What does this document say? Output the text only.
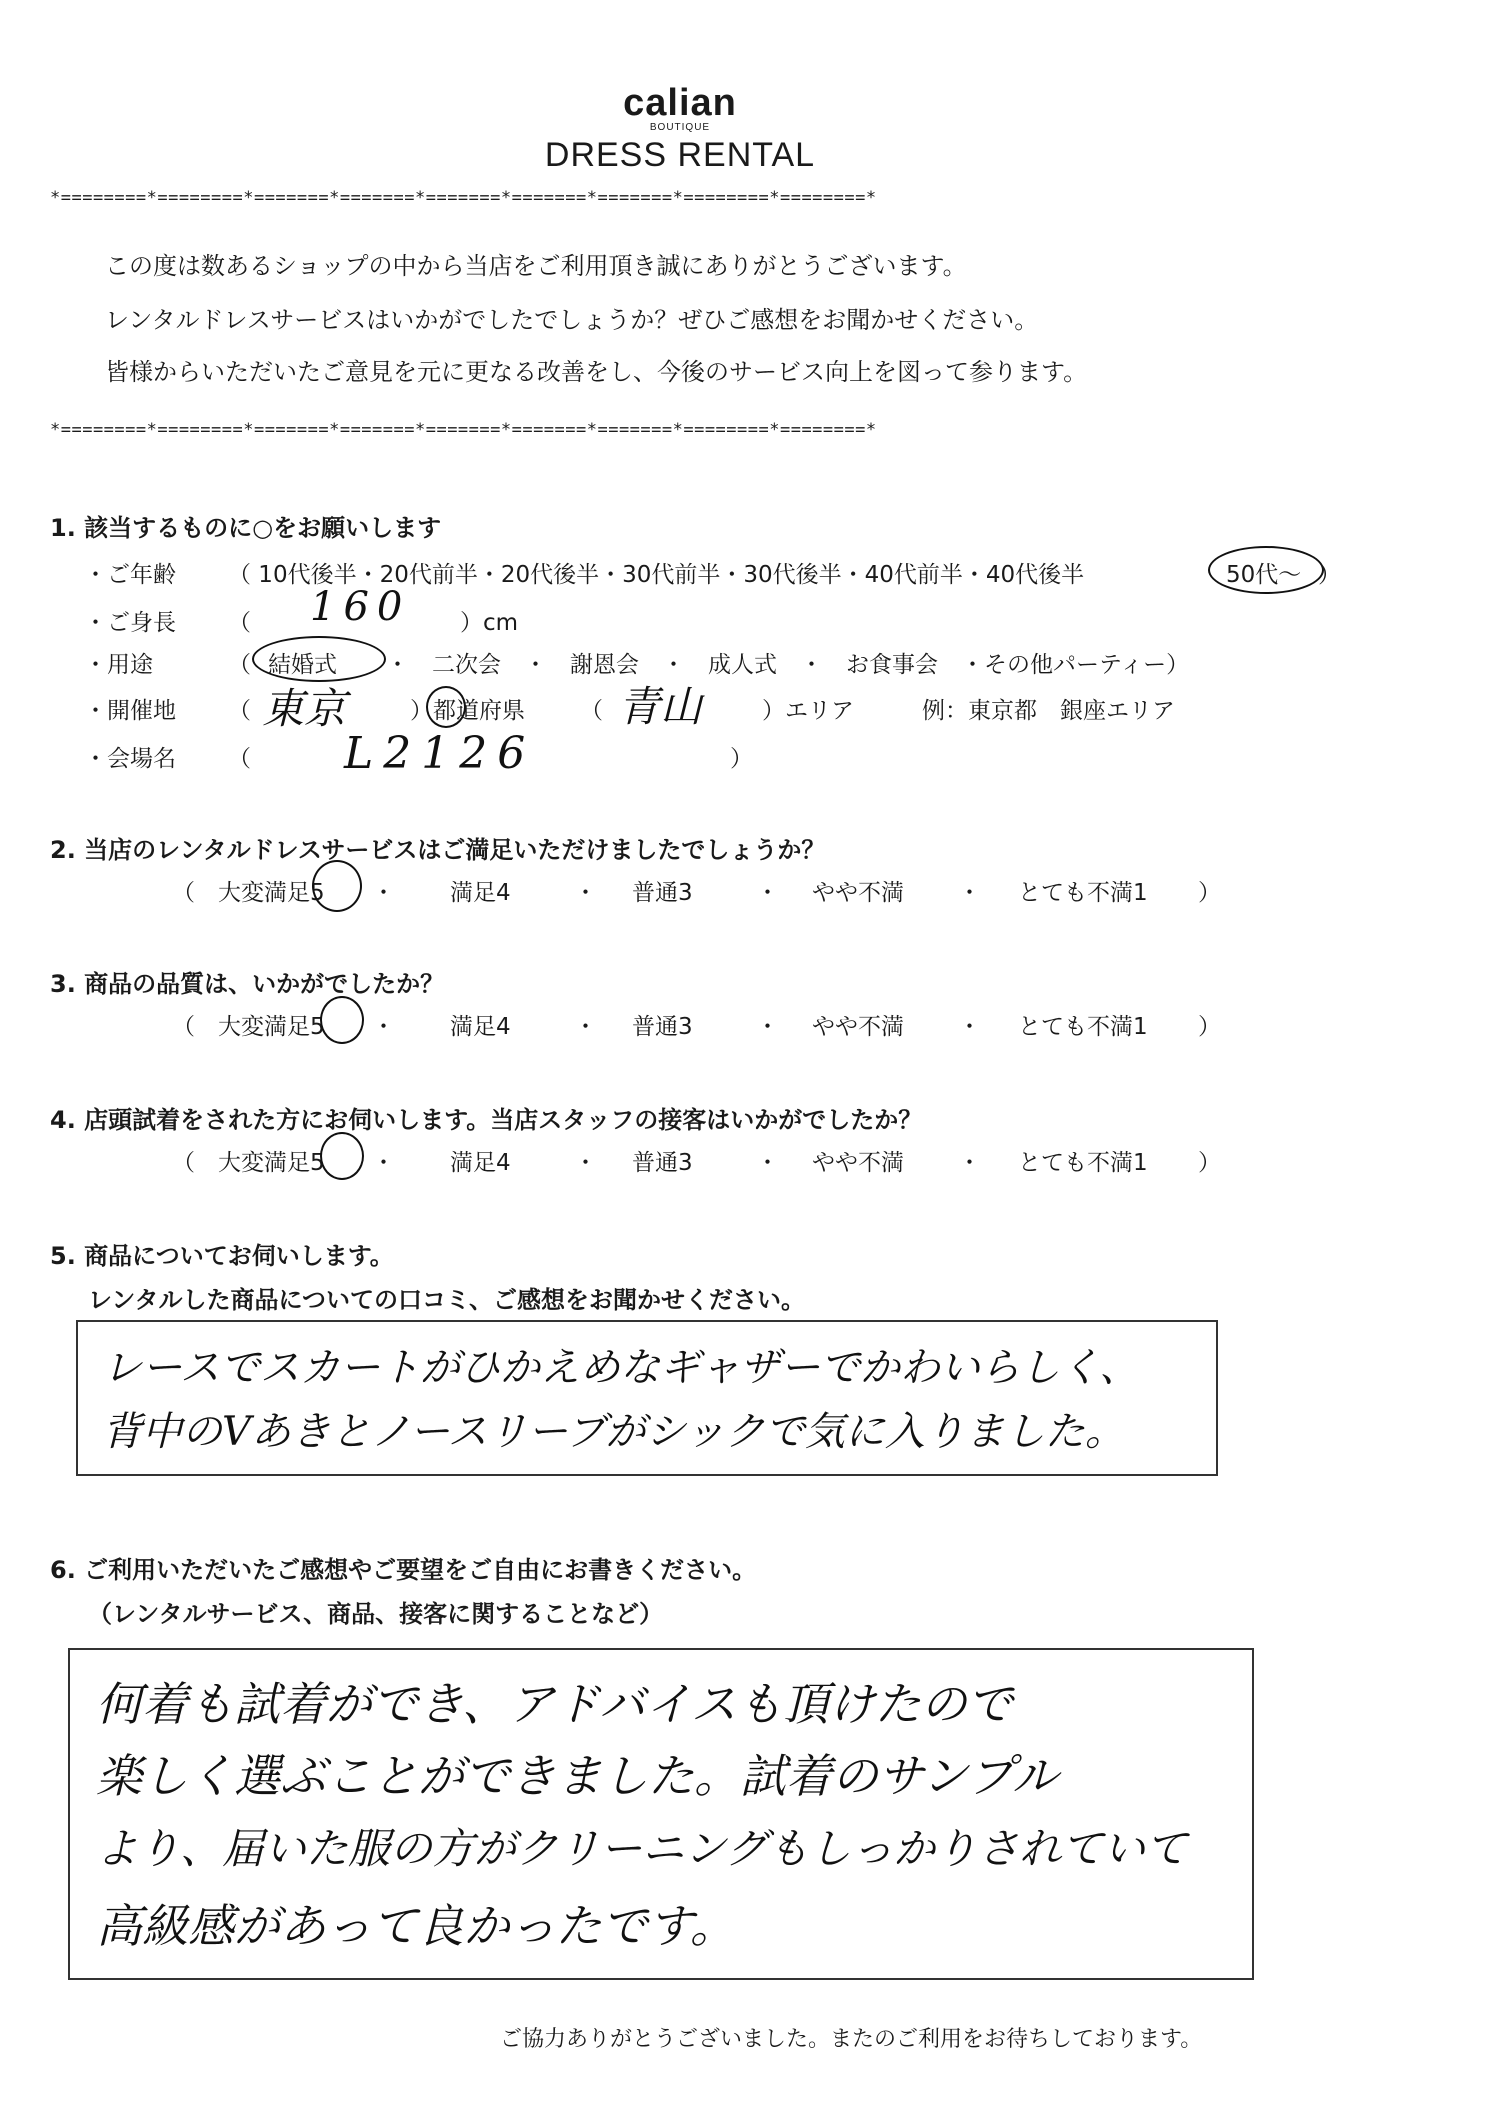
calian
BOUTIQUE
DRESS RENTAL
*========*========*=======*=======*=======*=======*=======*========*========*
この度は数あるショップの中から当店をご利用頂き誠にありがとうございます。
レンタルドレスサービスはいかがでしたでしょうか？ぜひご感想をお聞かせください。
皆様からいただいたご意見を元に更なる改善をし、今後のサービス向上を図って参ります。
*========*========*=======*=======*=======*=======*=======*========*========*
1. 該当するものに○をお願いします
・ご年齢 （ 10代後半・20代前半・20代後半・30代前半・30代後半・40代前半・40代後半	50代～ ）
・ご身長 （ 160 ）cm
・用途	（ 結婚式 ・　二次会　・　謝恩会　・　成人式　・　お食事会　・その他パーティー）
・開催地 （ 東京	）都道府県 （ 青山	）エリア	例：東京都　銀座エリア
・会場名 （ L2126	）
2. 当店のレンタルドレスサービスはご満足いただけましたでしょうか？
（ 大変満足5 ・ 満足4	・ 普通3	・ やや不満 ・ とても不満1 ）
3. 商品の品質は、いかがでしたか？
（ 大変満足5 ・ 満足4	・ 普通3	・ やや不満 ・ とても不満1 ）
4. 店頭試着をされた方にお伺いします。当店スタッフの接客はいかがでしたか？
（ 大変満足5 ・ 満足4	・ 普通3	・ やや不満 ・ とても不満1 ）
5. 商品についてお伺いします。
レンタルした商品についての口コミ、ご感想をお聞かせください。
レースでスカートがひかえめなギャザーでかわいらしく、
背中のVあきとノースリーブがシックで気に入りました。
6. ご利用いただいたご感想やご要望をご自由にお書きください。
（レンタルサービス、商品、接客に関することなど）
何着も試着ができ、アドバイスも頂けたので
楽しく選ぶことができました。試着のサンプル
より、届いた服の方がクリーニングもしっかりされていて
高級感があって良かったです。
ご協力ありがとうございました。またのご利用をお待ちしております。
